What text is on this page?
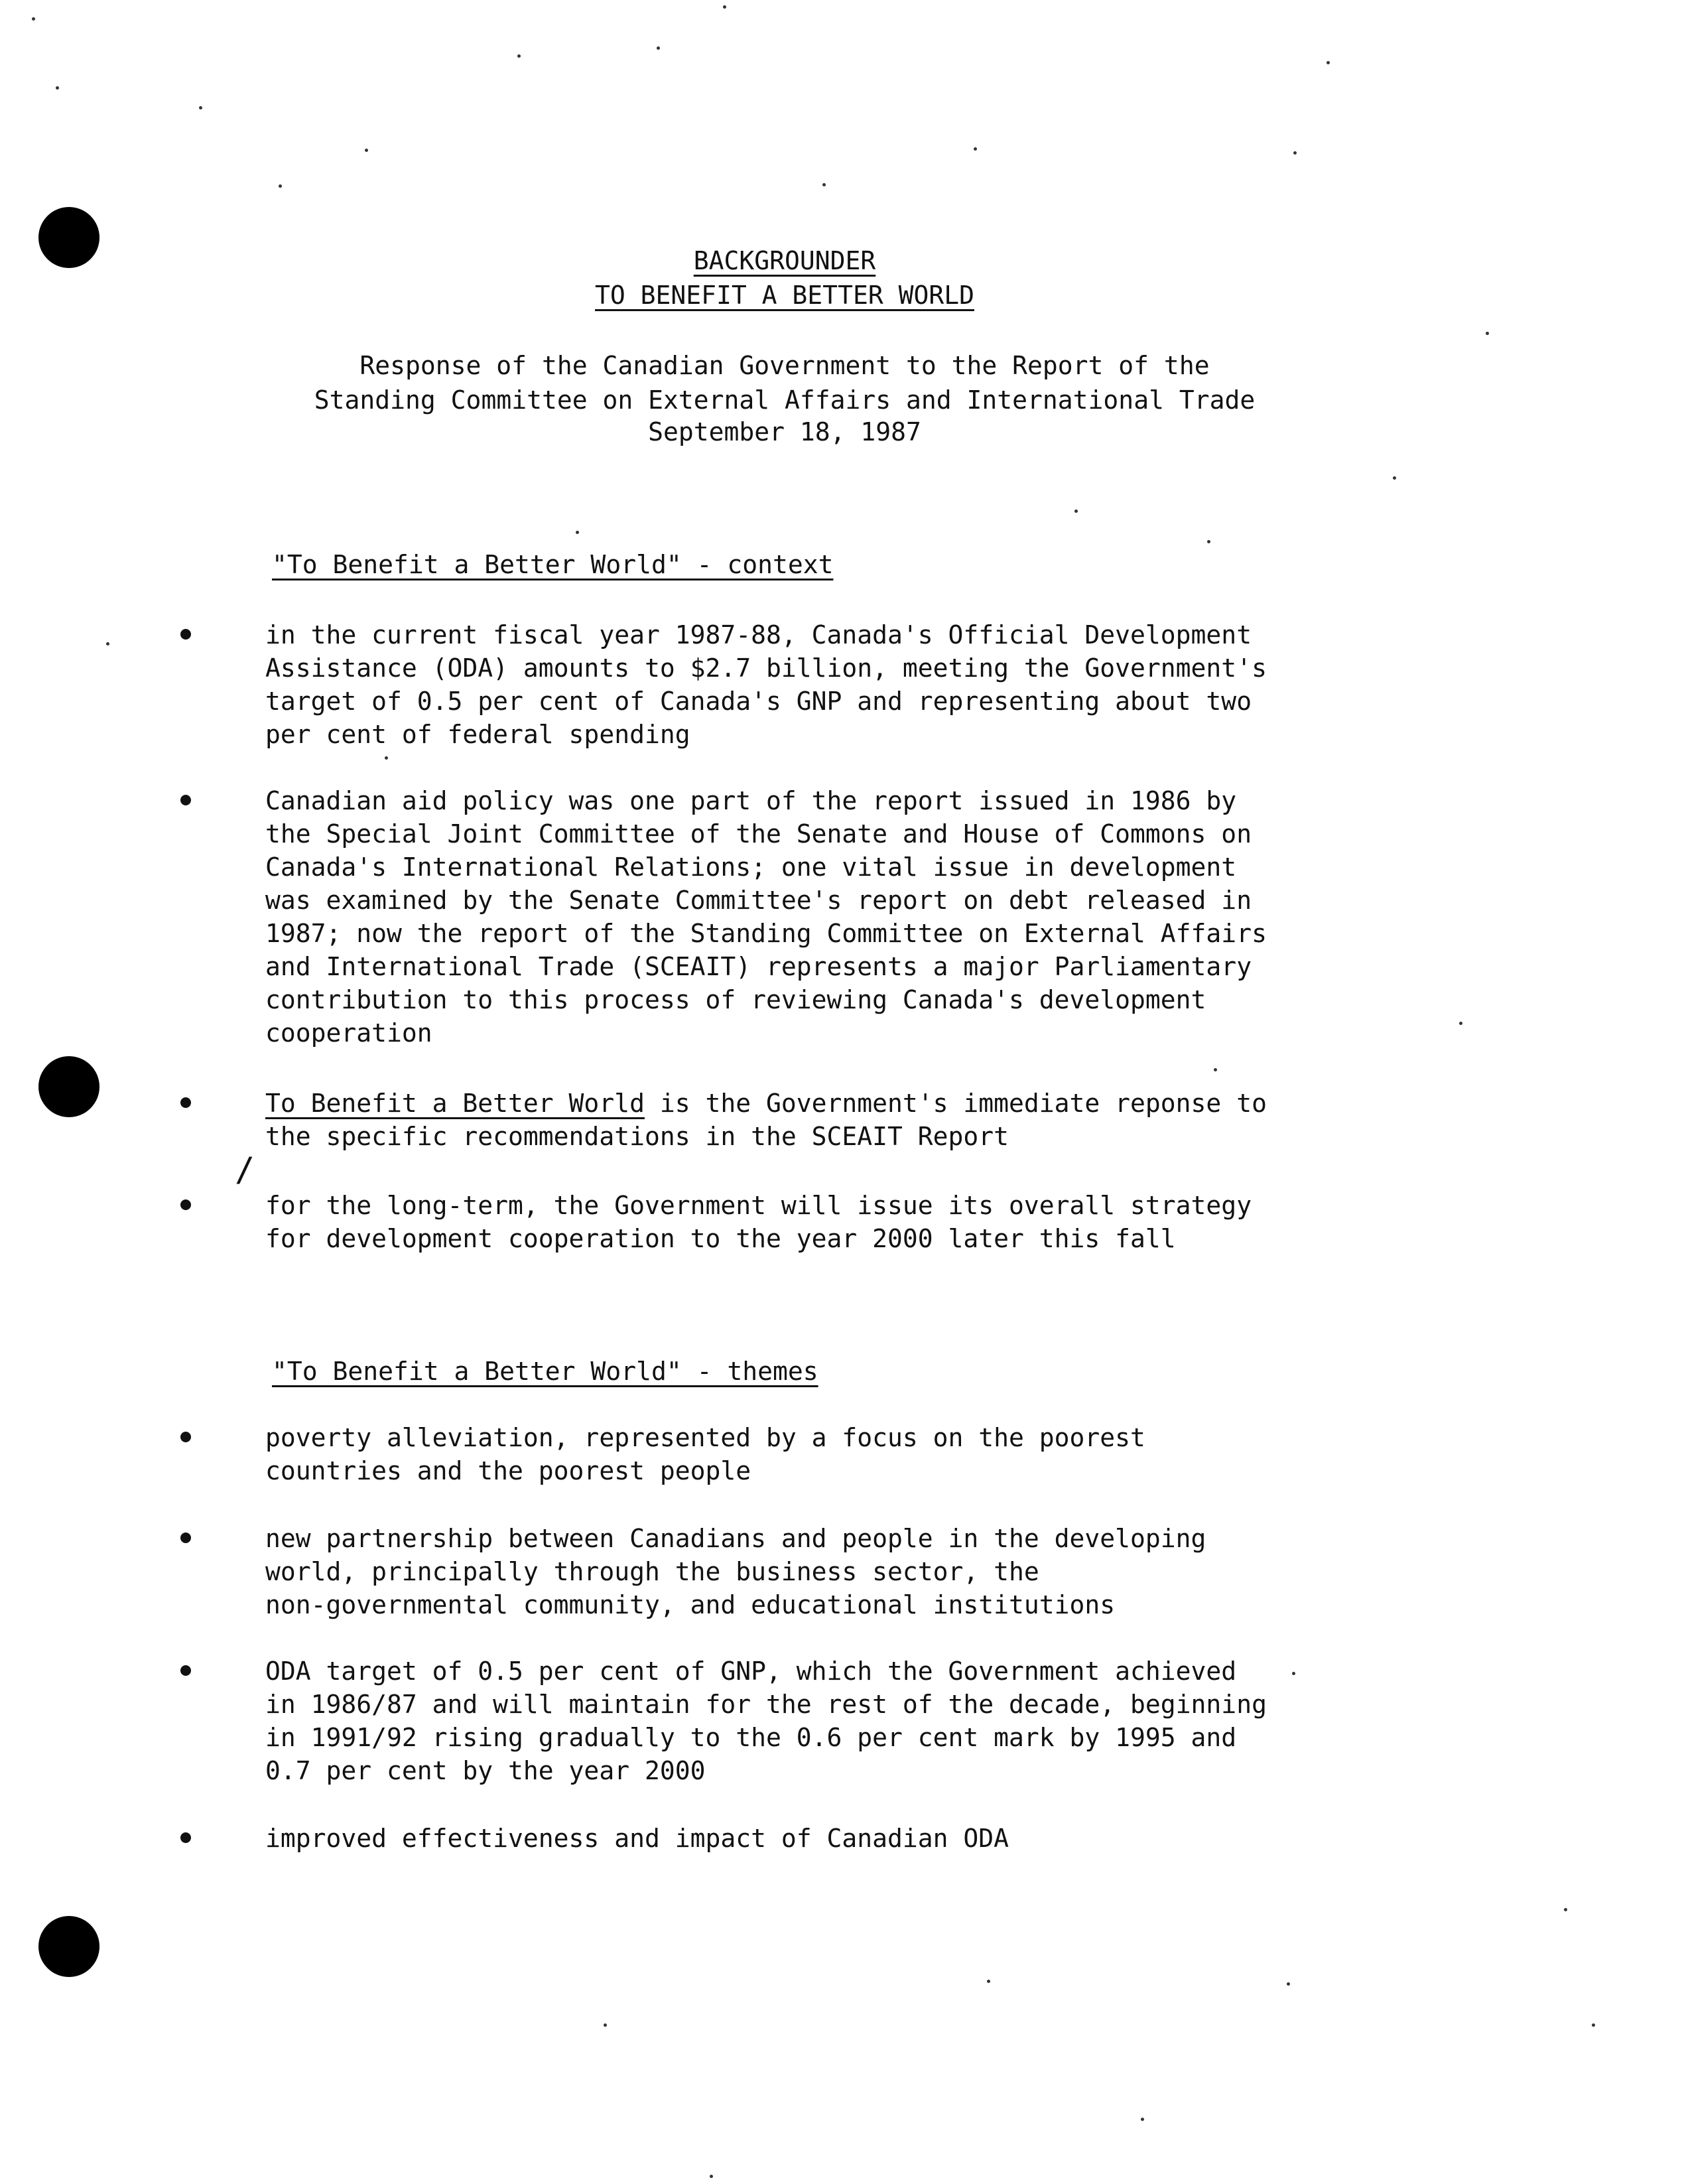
BACKGROUNDER
TO BENEFIT A BETTER WORLD
Response of the Canadian Government to the Report of the
Standing Committee on External Affairs and International Trade
September 18, 1987
"To Benefit a Better World" - context
in the current fiscal year 1987-88, Canada's Official Development
Assistance (ODA) amounts to $2.7 billion, meeting the Government's
target of 0.5 per cent of Canada's GNP and representing about two
per cent of federal spending
Canadian aid policy was one part of the report issued in 1986 by
the Special Joint Committee of the Senate and House of Commons on
Canada's International Relations; one vital issue in development
was examined by the Senate Committee's report on debt released in
1987; now the report of the Standing Committee on External Affairs
and International Trade (SCEAIT) represents a major Parliamentary
contribution to this process of reviewing Canada's development
cooperation
To Benefit a Better World is the Government's immediate reponse to
the specific recommendations in the SCEAIT Report
/
for the long-term, the Government will issue its overall strategy
for development cooperation to the year 2000 later this fall
"To Benefit a Better World" - themes
poverty alleviation, represented by a focus on the poorest
countries and the poorest people
new partnership between Canadians and people in the developing
world, principally through the business sector, the
non-governmental community, and educational institutions
ODA target of 0.5 per cent of GNP, which the Government achieved
in 1986/87 and will maintain for the rest of the decade, beginning
in 1991/92 rising gradually to the 0.6 per cent mark by 1995 and
0.7 per cent by the year 2000
improved effectiveness and impact of Canadian ODA
